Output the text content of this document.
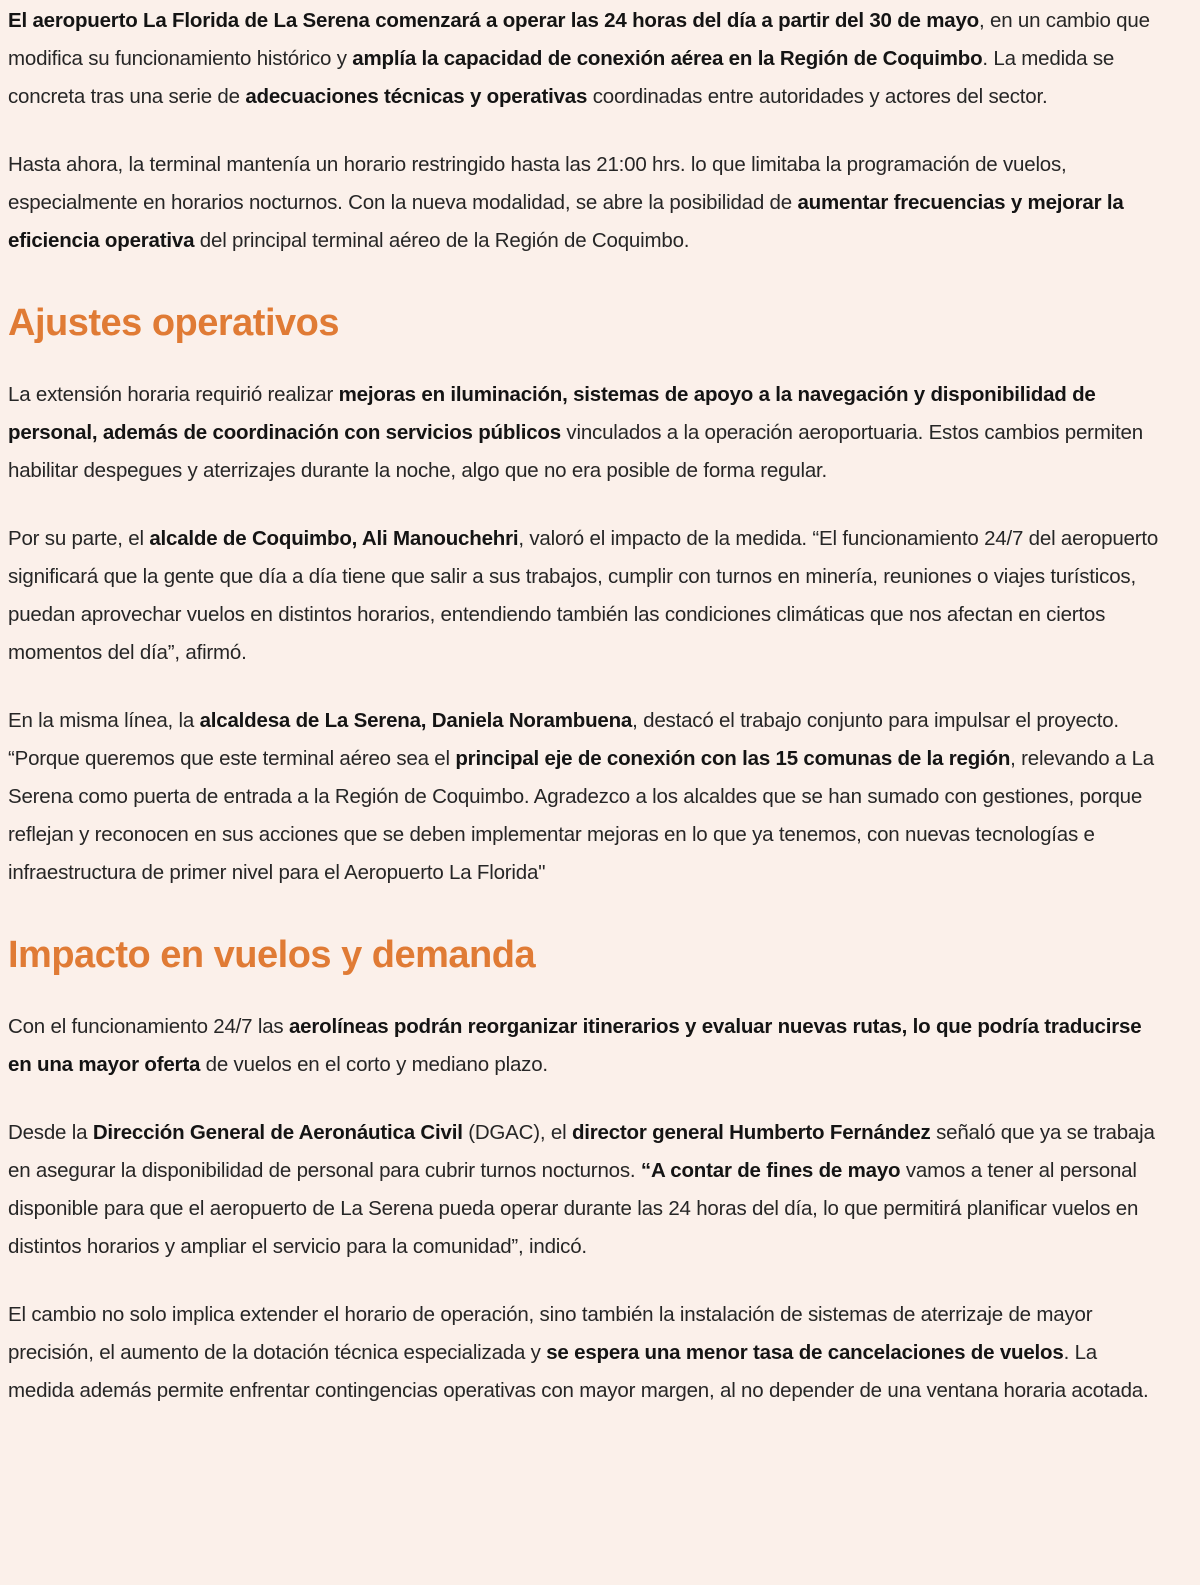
El aeropuerto La Florida de La Serena comenzará a operar las 24 horas del día a partir del 30 de mayo, en un cambio que modifica su funcionamiento histórico y amplía la capacidad de conexión aérea en la Región de Coquimbo. La medida se concreta tras una serie de adecuaciones técnicas y operativas coordinadas entre autoridades y actores del sector.

Hasta ahora, la terminal mantenía un horario restringido hasta las 21:00 hrs. lo que limitaba la programación de vuelos, especialmente en horarios nocturnos. Con la nueva modalidad, se abre la posibilidad de aumentar frecuencias y mejorar la eficiencia operativa del principal terminal aéreo de la Región de Coquimbo.

Ajustes operativos

La extensión horaria requirió realizar mejoras en iluminación, sistemas de apoyo a la navegación y disponibilidad de personal, además de coordinación con servicios públicos vinculados a la operación aeroportuaria. Estos cambios permiten habilitar despegues y aterrizajes durante la noche, algo que no era posible de forma regular.

Por su parte, el alcalde de Coquimbo, Ali Manouchehri, valoró el impacto de la medida. “El funcionamiento 24/7 del aeropuerto significará que la gente que día a día tiene que salir a sus trabajos, cumplir con turnos en minería, reuniones o viajes turísticos, puedan aprovechar vuelos en distintos horarios, entendiendo también las condiciones climáticas que nos afectan en ciertos momentos del día”, afirmó.

En la misma línea, la alcaldesa de La Serena, Daniela Norambuena, destacó el trabajo conjunto para impulsar el proyecto. “Porque queremos que este terminal aéreo sea el principal eje de conexión con las 15 comunas de la región, relevando a La Serena como puerta de entrada a la Región de Coquimbo. Agradezco a los alcaldes que se han sumado con gestiones, porque reflejan y reconocen en sus acciones que se deben implementar mejoras en lo que ya tenemos, con nuevas tecnologías e infraestructura de primer nivel para el Aeropuerto La Florida"

Impacto en vuelos y demanda

Con el funcionamiento 24/7 las aerolíneas podrán reorganizar itinerarios y evaluar nuevas rutas, lo que podría traducirse en una mayor oferta de vuelos en el corto y mediano plazo.

Desde la Dirección General de Aeronáutica Civil (DGAC), el director general Humberto Fernández señaló que ya se trabaja en asegurar la disponibilidad de personal para cubrir turnos nocturnos. “A contar de fines de mayo vamos a tener al personal disponible para que el aeropuerto de La Serena pueda operar durante las 24 horas del día, lo que permitirá planificar vuelos en distintos horarios y ampliar el servicio para la comunidad”, indicó.

El cambio no solo implica extender el horario de operación, sino también la instalación de sistemas de aterrizaje de mayor precisión, el aumento de la dotación técnica especializada y se espera una menor tasa de cancelaciones de vuelos. La medida además permite enfrentar contingencias operativas con mayor margen, al no depender de una ventana horaria acotada.
